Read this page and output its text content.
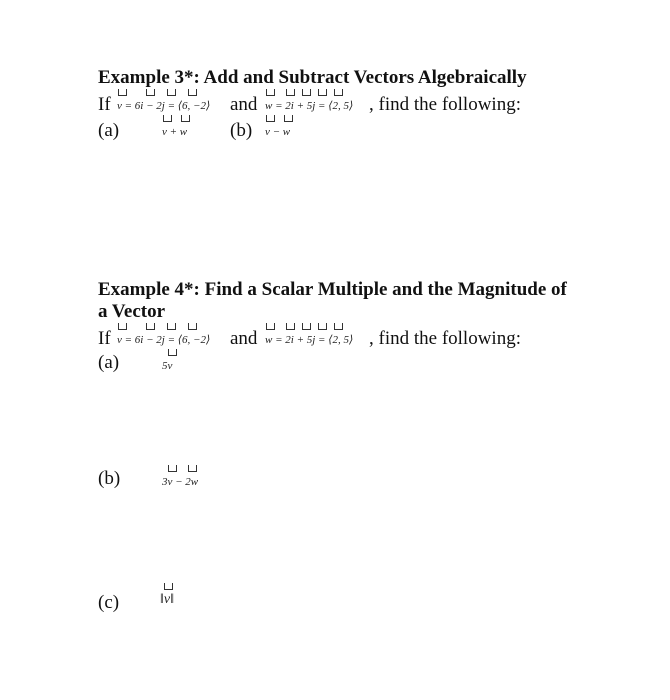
Example 3*: Add and Subtract Vectors Algebraically
If v = 6i − 2j = ⟨6, −2⟩ and w = 2i + 5j = ⟨2, 5⟩ , find the following:
(a)	v + w (b) v − w
Example 4*: Find a Scalar Multiple and the Magnitude of
a Vector
If v = 6i − 2j = ⟨6, −2⟩ and w = 2i + 5j = ⟨2, 5⟩ , find the following:
(a)	5v
(b)	3v − 2w
(c)	‖v‖
